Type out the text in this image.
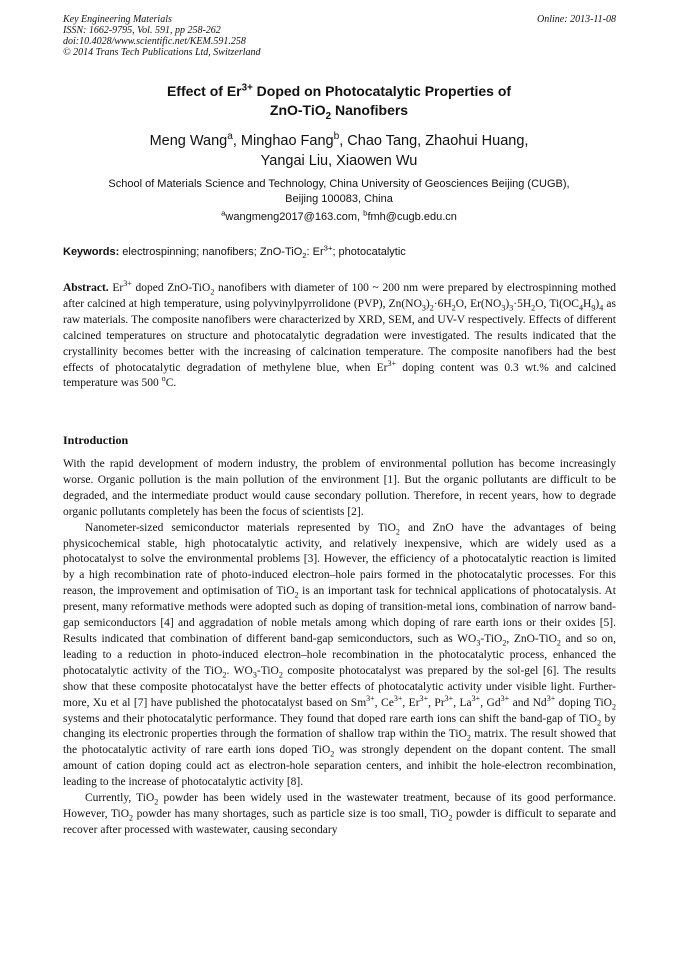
Key Engineering Materials
ISSN: 1662-9795, Vol. 591, pp 258-262
doi:10.4028/www.scientific.net/KEM.591.258
© 2014 Trans Tech Publications Ltd, Switzerland
Online: 2013-11-08
Effect of $Er^{3+}$ Doped on Photocatalytic Properties of
ZnO-TiO$_2$ Nanofibers
Meng Wang$^a$, Minghao Fang$^b$, Chao Tang, Zhaohui Huang,
Yangai Liu, Xiaowen Wu
School of Materials Science and Technology, China University of Geosciences Beijing (CUGB),
Beijing 100083, China
$^a$wangmeng2017@163.com, $^b$fmh@cugb.edu.cn
Keywords: electrospinning; nanofibers; ZnO-TiO$_2$: $Er^{3+}$; photocatalytic
Abstract. $Er^{3+}$ doped ZnO-TiO$_2$ nanofibers with diameter of 100 ~ 200 nm were prepared by electrospinning mothed after calcined at high temperature, using polyvinylpyrrolidone (PVP), $Zn(NO_3)_2\cdot 6H_2O$, $Er(NO_3)_3\cdot 5H_2O$, $Ti(OC_4H_9)_4$ as raw materials. The composite nanofibers were characterized by XRD, SEM, and UV-V respectively. Effects of different calcined temperatures on structure and photocatalytic degradation were investigated. The results indicated that the crystallinity becomes better with the increasing of calcination temperature. The composite nanofibers had the best effects of photocatalytic degradation of methylene blue, when $Er^{3+}$ doping content was 0.3 wt.% and calcined temperature was 500 $^o$C.
Introduction

With the rapid development of modern industry, the problem of environmental pollution has become increasingly worse. Organic pollution is the main pollution of the environment [1]. But the organic pollutants are difficult to be degraded, and the intermediate product would cause secondary pollution. Therefore, in recent years, how to degrade organic pollutants completely has been the focus of scientists [2].

Nanometer-sized semiconductor materials represented by TiO$_2$ and ZnO have the advantages of being physicochemical stable, high photocatalytic activity, and relatively inexpensive, which are widely used as a photocatalyst to solve the environmental problems [3]. However, the efficiency of a photocatalytic reaction is limited by a high recombination rate of photo-induced electron–hole pairs formed in the photocatalytic processes. For this reason, the improvement and optimisation of TiO$_2$ is an important task for technical applications of photocatalysis. At present, many reformative methods were adopted such as doping of transition-metal ions, combination of narrow band-gap semiconductors [4] and aggradation of noble metals among which doping of rare earth ions or their oxides [5]. Results indicated that combination of different band-gap semiconductors, such as $WO_3-TiO_2$, ZnO-TiO$_2$ and so on, leading to a reduction in photo-induced electron–hole recombination in the photocatalytic process, enhanced the photocatalytic activity of the TiO$_2$. $WO_3-TiO_2$ composite photocatalyst was prepared by the sol-gel [6]. The results show that these composite photocatalyst have the better effects of photocatalytic activity under visible light. Further-more, Xu et al [7] have published the photocatalyst based on $Sm^{3+}$, $Ce^{3+}$, $Er^{3+}$, $Pr^{3+}$, $La^{3+}$, $Gd^{3+}$ and $Nd^{3+}$ doping TiO$_2$ systems and their photocatalytic performance. They found that doped rare earth ions can shift the band-gap of TiO$_2$ by changing its electronic properties through the formation of shallow trap within the TiO$_2$ matrix. The result showed that the photocatalytic activity of rare earth ions doped TiO$_2$ was strongly dependent on the dopant content. The small amount of cation doping could act as electron-hole separation centers, and inhibit the hole-electron recombination, leading to the increase of photocatalytic activity [8].

Currently, TiO$_2$ powder has been widely used in the wastewater treatment, because of its good performance. However, TiO$_2$ powder has many shortages, such as particle size is too small, TiO$_2$ powder is difficult to separate and recover after processed with wastewater, causing secondary
